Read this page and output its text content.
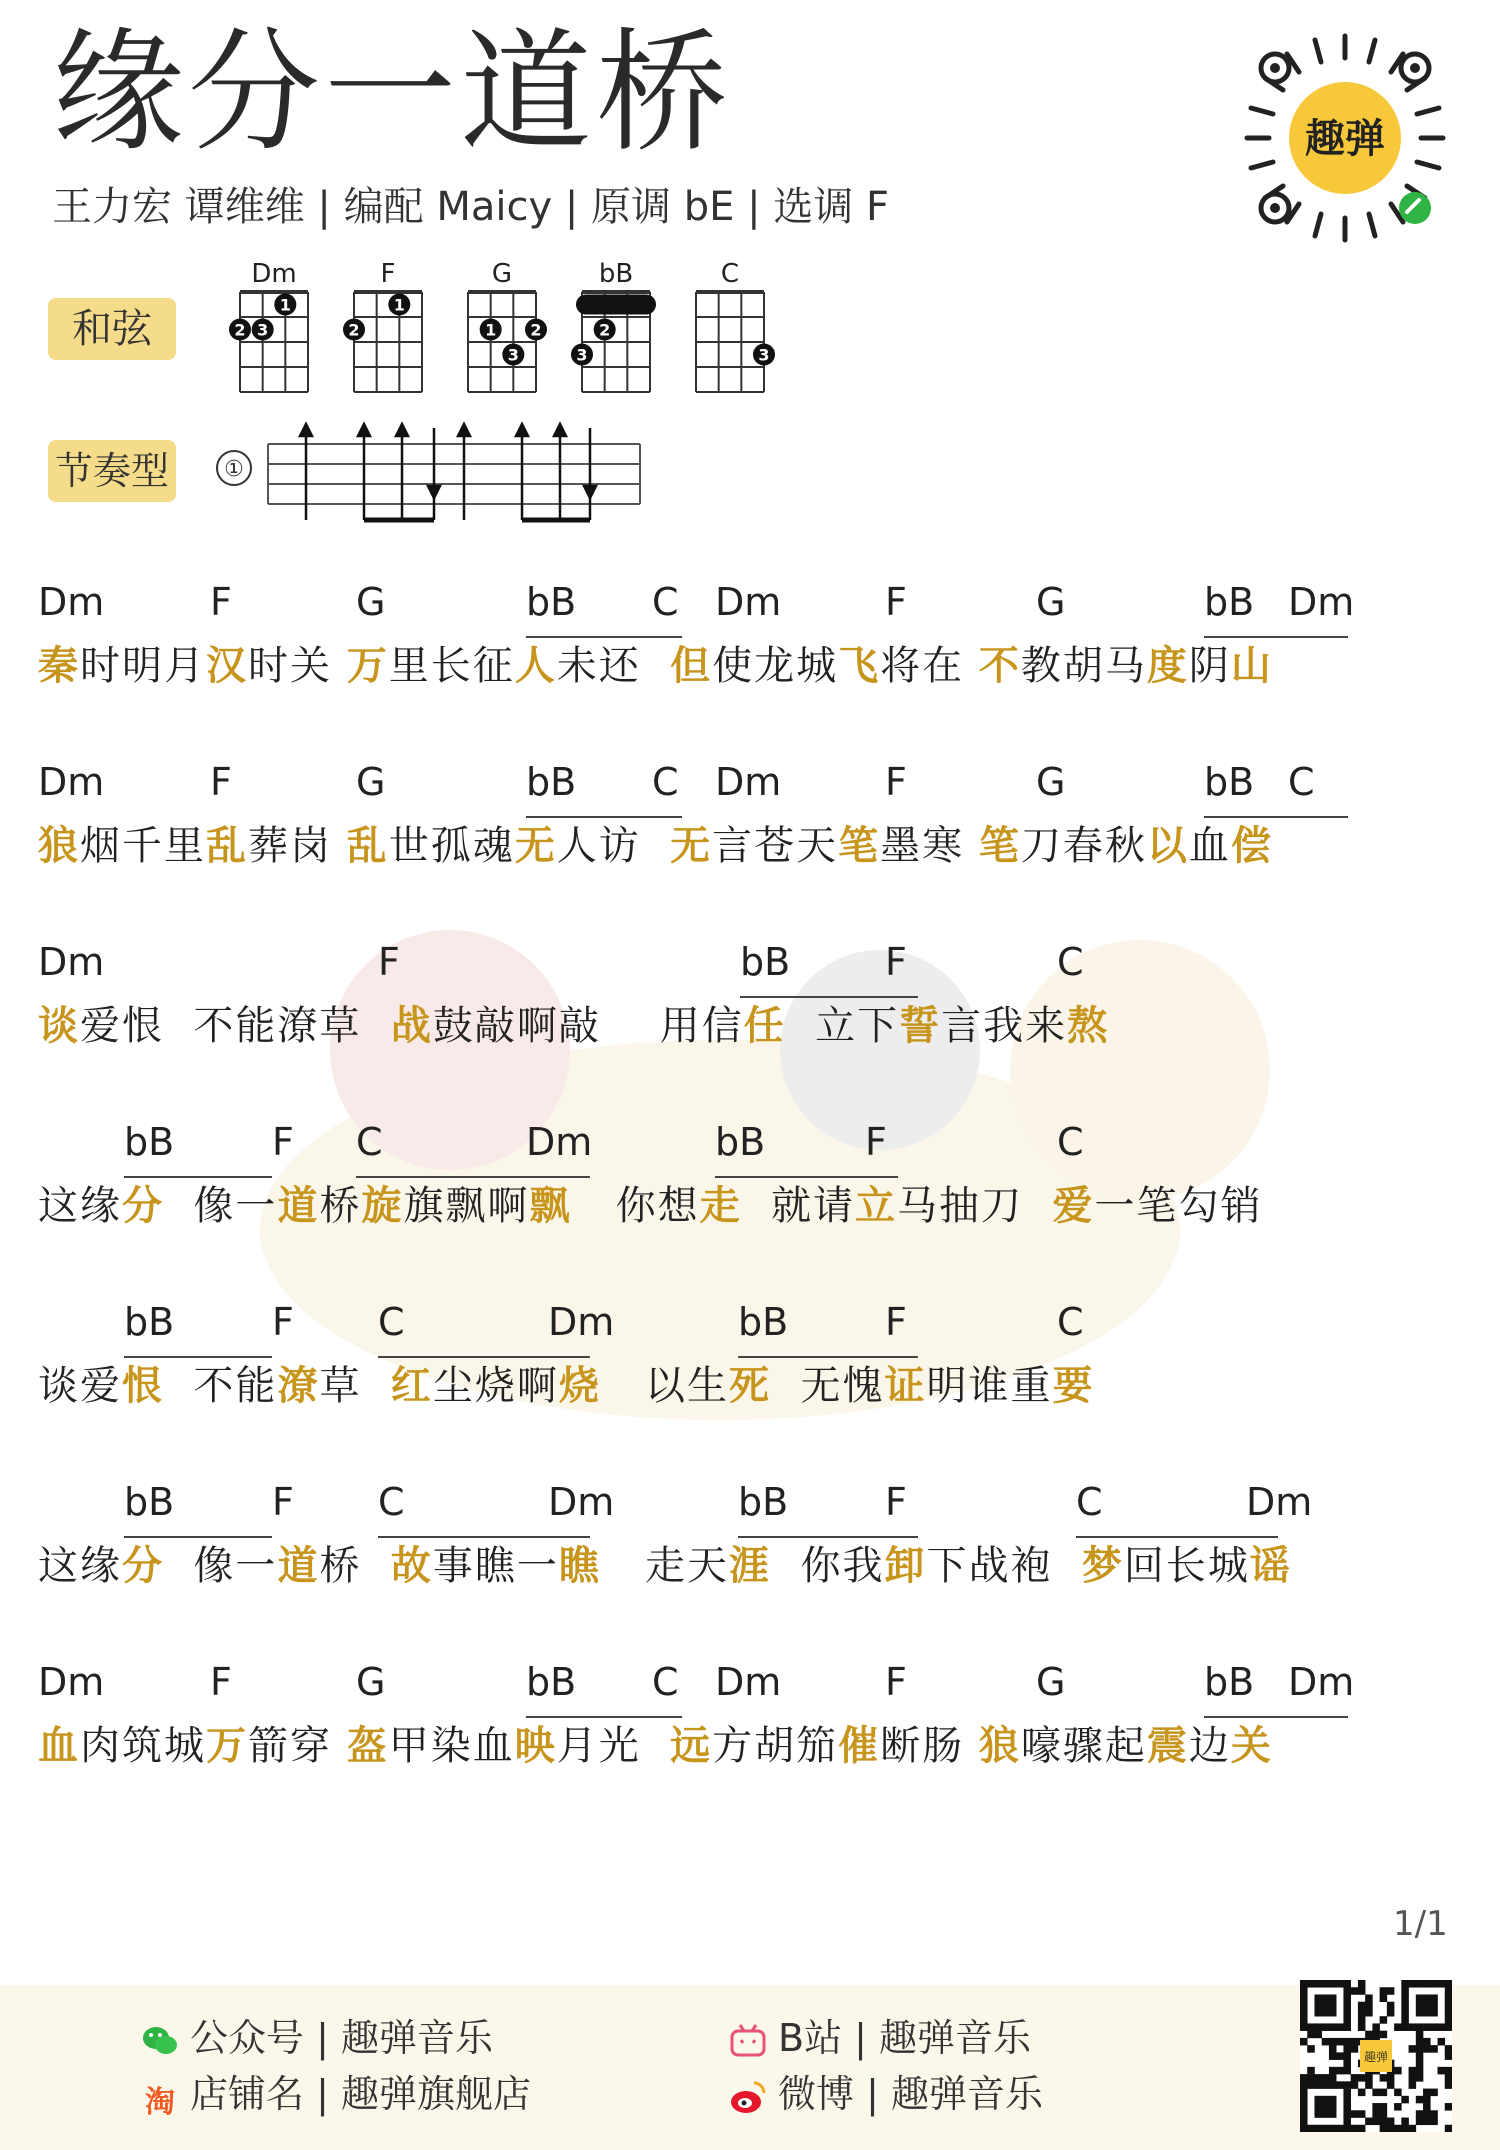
缘分一道桥
王力宏 谭维维 | 编配 Maicy | 原调 bE | 选调 F
趣弹
和弦
节奏型
Dm
1
2 3
F
1
2
G
1 2
3
bB
2
3
C
3
①
Dm	F	G	bB C Dm	F	G	bB Dm
秦时明月汉时关 万里长征人未还  但使龙城飞将在 不教胡马度阴山
Dm	F	G	bB C Dm	F	G	bB C
狼烟千里乱葬岗 乱世孤魂无人访  无言苍天笔墨寒 笔刀春秋以血偿
Dm	F	bB F	C
谈爱恨  不能潦草  战鼓敲啊敲    用信任  立下誓言我来熬
bB	F C	Dm	bB	F	C
这缘分  像一道桥旋旗飘啊飘   你想走  就请立马抽刀  爱一笔勾销
bB	F C	Dm	bB	F	C
谈爱恨  不能潦草  红尘烧啊烧   以生死  无愧证明谁重要
bB	F C	Dm	bB	F	C	Dm
这缘分  像一道桥  故事瞧一瞧   走天涯  你我卸下战袍  梦回长城谣
Dm	F	G	bB C Dm	F	G	bB Dm
血肉筑城万箭穿 盔甲染血映月光  远方胡笳催断肠 狼嚎骤起震边关
1/1
公众号 | 趣弹音乐
淘 店铺名 | 趣弹旗舰店
B站 | 趣弹音乐
微博 | 趣弹音乐
趣弹
